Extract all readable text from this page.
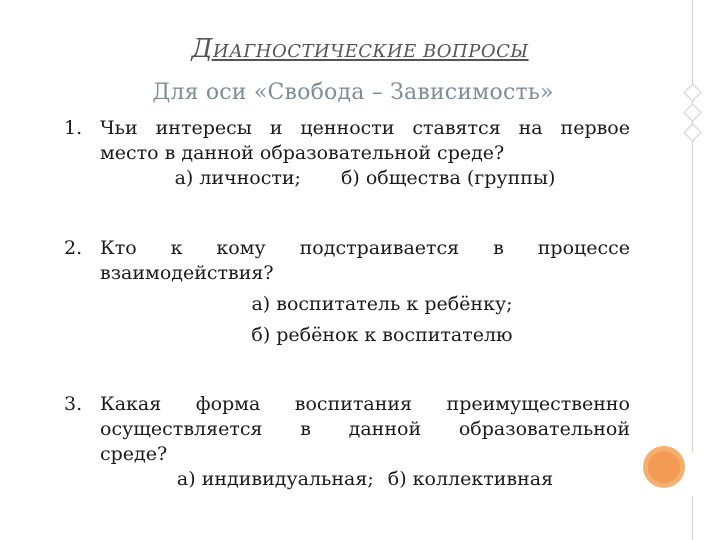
ДИАГНОСТИЧЕСКИЕ ВОПРОСЫ
Для оси «Свобода – Зависимость»
1. Чьи интересы и ценности ставятся на первое
место в данной образовательной среде?
а) личности; б) общества (группы)
2. Кто к кому подстраивается в процессе
взаимодействия?
а) воспитатель к ребёнку;
б) ребёнок к воспитателю
3. Какая форма воспитания преимущественно
осуществляется в данной образовательной
среде?
а) индивидуальная; б) коллективная
